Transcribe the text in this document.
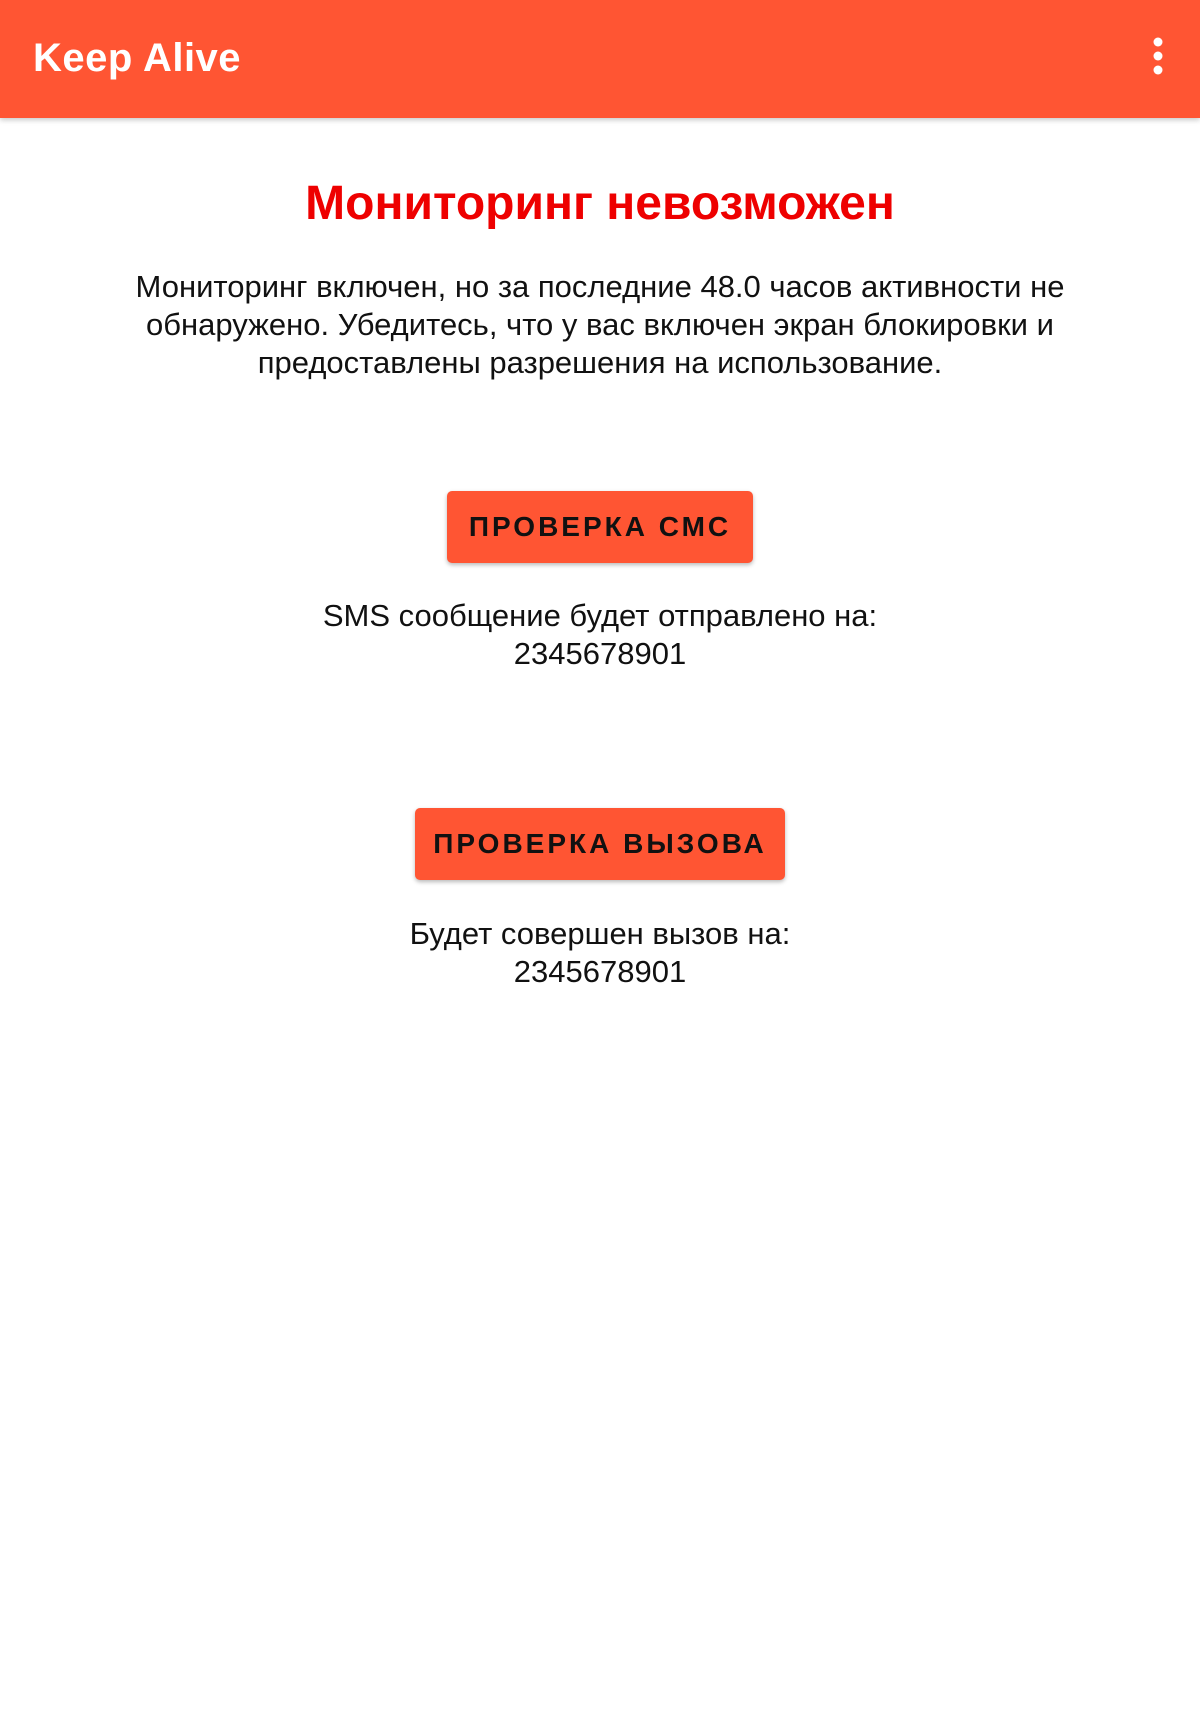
Keep Alive
Мониторинг невозможен
Мониторинг включен, но за последние 48.0 часов активности не обнаружено. Убедитесь, что у вас включен экран блокировки и предоставлены разрешения на использование.
ПРОВЕРКА СМС
SMS сообщение будет отправлено на:
2345678901
ПРОВЕРКА ВЫЗОВА
Будет совершен вызов на:
2345678901
